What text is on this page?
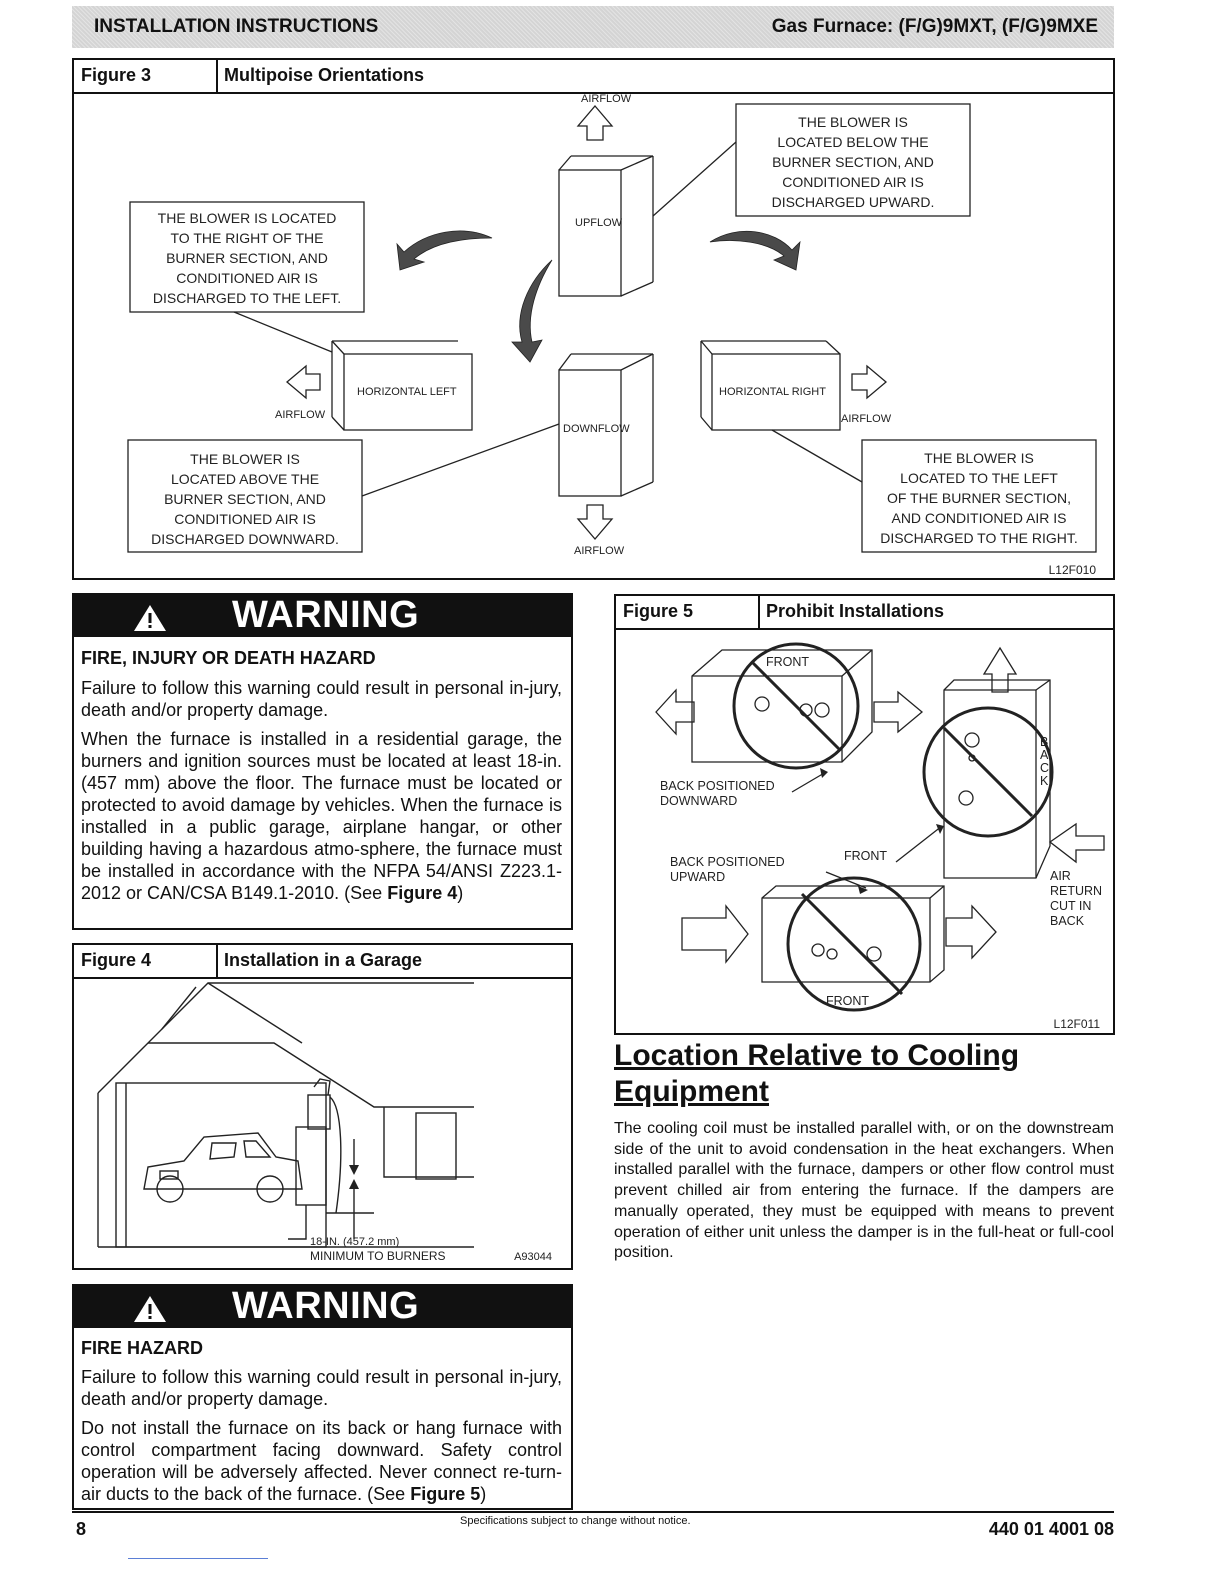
INSTALLATION INSTRUCTIONS	Gas Furnace: (F/G)9MXT, (F/G)9MXE
Figure 3	Multipoise Orientations
AIRFLOW
UPFLOW
DOWNFLOW
AIRFLOW
HORIZONTAL LEFT
AIRFLOW
HORIZONTAL RIGHT
AIRFLOW
THE BLOWER IS
LOCATED BELOW THE
BURNER SECTION, AND
CONDITIONED AIR IS
DISCHARGED UPWARD.
THE BLOWER IS LOCATED
TO THE RIGHT OF THE
BURNER SECTION, AND
CONDITIONED AIR IS
DISCHARGED TO THE LEFT.
THE BLOWER IS
LOCATED ABOVE THE
BURNER SECTION, AND
CONDITIONED AIR IS
DISCHARGED DOWNWARD.
THE BLOWER IS
LOCATED TO THE LEFT
OF THE BURNER SECTION,
AND CONDITIONED AIR IS
DISCHARGED TO THE RIGHT.
L12F010
WARNING
FIRE, INJURY OR DEATH HAZARD
Failure to follow this warning could result in personal in-jury, death and/or property damage.
When the furnace is installed in a residential garage, the burners and ignition sources must be located at least 18-in. (457 mm) above the floor. The furnace must be located or protected to avoid damage by vehicles. When the furnace is installed in a public garage, airplane hangar, or other building having a hazardous atmo-sphere, the furnace must be installed in accordance with the NFPA 54/ANSI Z223.1-2012 or CAN/CSA B149.1-2010. (See Figure 4)
Figure 4	Installation in a Garage
18-IN. (457.2 mm)
MINIMUM TO BURNERS	A93044
WARNING
FIRE HAZARD
Failure to follow this warning could result in personal in-jury, death and/or property damage.
Do not install the furnace on its back or hang furnace with control compartment facing downward. Safety control operation will be adversely affected. Never connect re-turn-air ducts to the back of the furnace. (See Figure 5)
Figure 5	Prohibit Installations
FRONT
BACK POSITIONED
DOWNWARD
BACK POSITIONED
UPWARD
FRONT
FRONT
B
A
C
K
AIR
RETURN
CUT IN
BACK
L12F011
Location Relative to Cooling Equipment
The cooling coil must be installed parallel with, or on the downstream side of the unit to avoid condensation in the heat exchangers. When installed parallel with the furnace, dampers or other flow control must prevent chilled air from entering the furnace. If the dampers are manually operated, they must be equipped with means to prevent operation of either unit unless the damper is in the full-heat or full-cool position.
8	Specifications subject to change without notice.	440 01 4001 08
